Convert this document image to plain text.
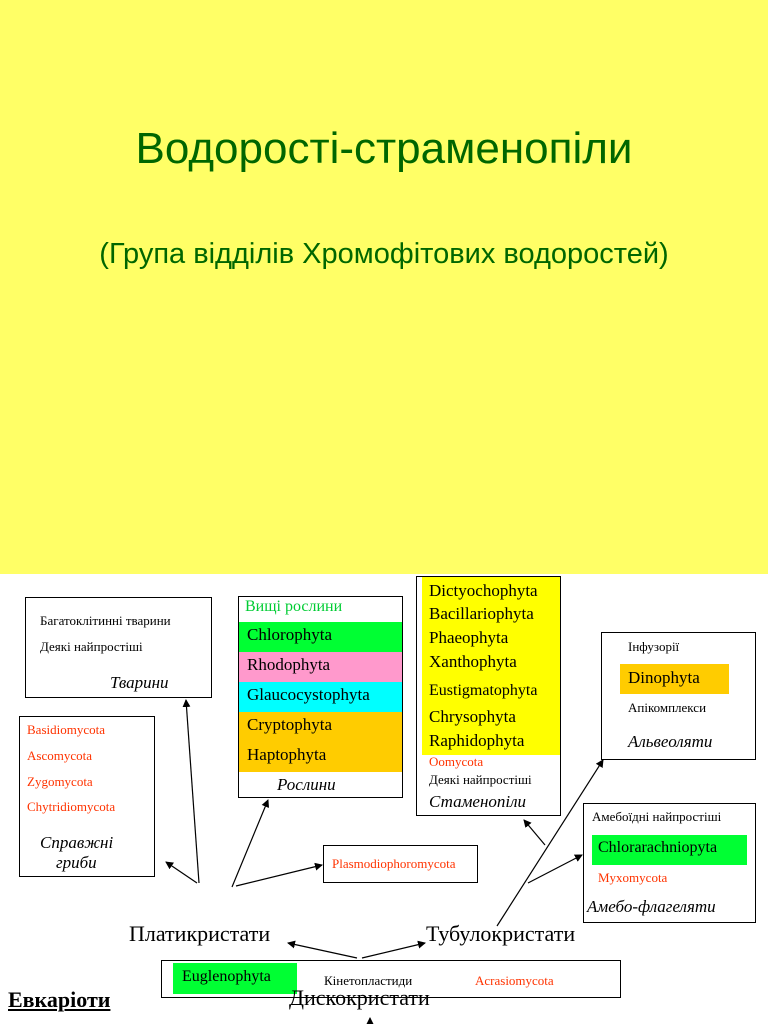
Водорості-страменопіли
(Група відділів Хромофітових водоростей)
Багатоклітинні тварини
Деякі найпростіші
Тварини
Basidiomycota
Ascomycota
Zygomycota
Chytridiomycota
Справжні
гриби
Вищі рослини
Chlorophyta
Rhodophyta
Glaucocystophyta
Cryptophyta
Haptophyta
Рослини
Plasmodiophoromycota
Dictyochophyta
Bacillariophyta
Phaeophyta
Xanthophyta
Eustigmatophyta
Chrysophyta
Raphidophyta
Oomycota
Деякі найпростіші
Стаменопіли
Інфузорії
Dinophyta
Апікомплекси
Альвеоляти
Амебоїдні найпростіші
Chlorarachniopyta
Myxomycota
Амебо-флагеляти
Платикристати	Тубулокристати
Euglenophyta	Кінетопластиди	Acrasiomycota
Дискокристати
Евкаріоти
